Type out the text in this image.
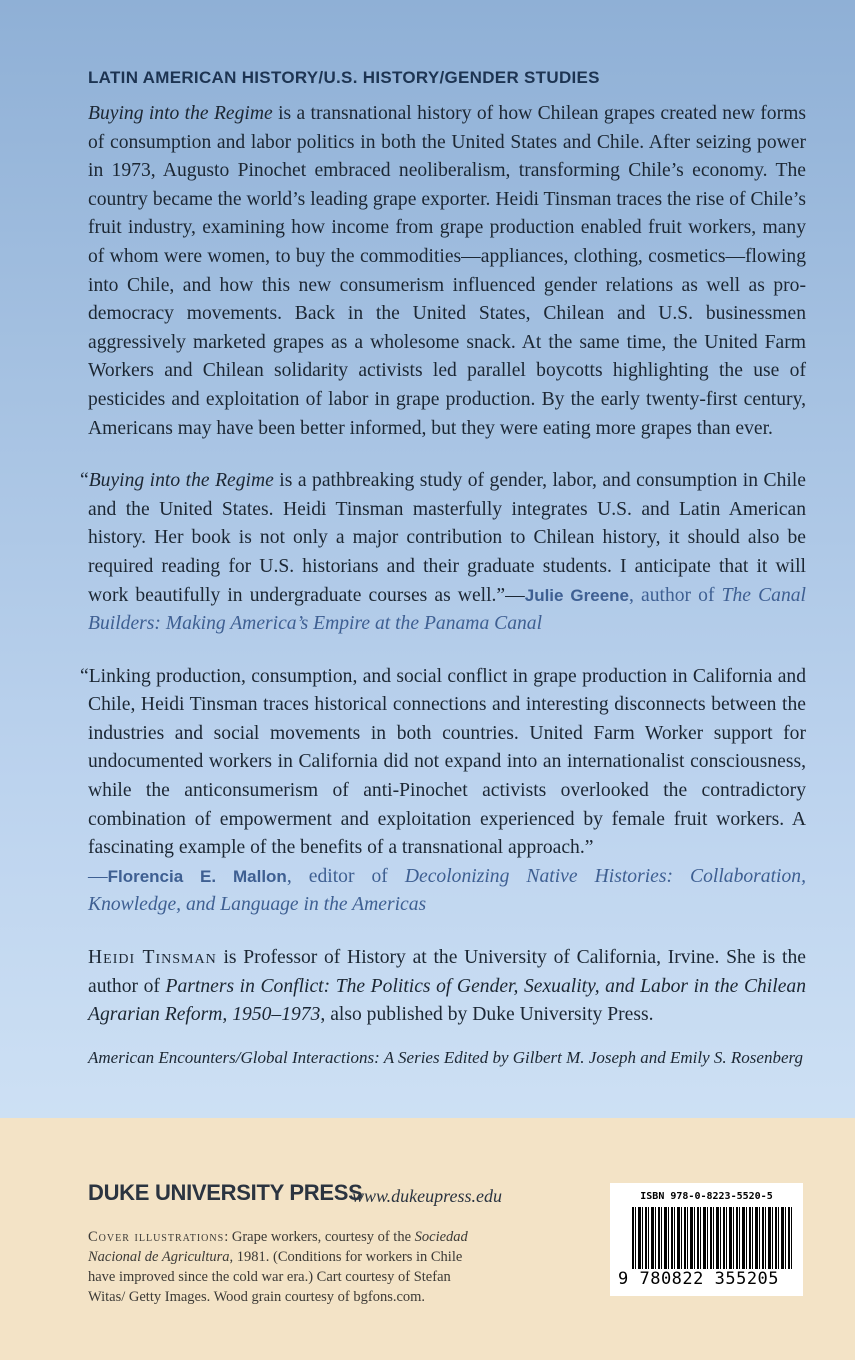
LATIN AMERICAN HISTORY/U.S. HISTORY/GENDER STUDIES

Buying into the Regime is a transnational history of how Chilean grapes created new forms of consumption and labor politics in both the United States and Chile. After seizing power in 1973, Augusto Pinochet embraced neoliberalism, transforming Chile’s economy. The country became the world’s leading grape exporter. Heidi Tinsman traces the rise of Chile’s fruit industry, examining how income from grape production enabled fruit workers, many of whom were women, to buy the commodities—appliances, clothing, cosmetics—flowing into Chile, and how this new consumerism influenced gender relations as well as pro-democracy movements. Back in the United States, Chilean and U.S. businessmen aggressively marketed grapes as a wholesome snack. At the same time, the United Farm Workers and Chilean solidarity activists led parallel boycotts highlighting the use of pesticides and exploitation of labor in grape production. By the early twenty-first century, Americans may have been better informed, but they were eating more grapes than ever.

“Buying into the Regime is a pathbreaking study of gender, labor, and consumption in Chile and the United States. Heidi Tinsman masterfully integrates U.S. and Latin American history. Her book is not only a major contribution to Chilean history, it should also be required reading for U.S. historians and their graduate students. I anticipate that it will work beautifully in undergraduate courses as well.”—Julie Greene, author of The Canal Builders: Making America’s Empire at the Panama Canal

“Linking production, consumption, and social conflict in grape production in California and Chile, Heidi Tinsman traces historical connections and interesting disconnects between the industries and social movements in both countries. United Farm Worker support for undocumented workers in California did not expand into an internationalist consciousness, while the anticonsumerism of anti-Pinochet activists overlooked the contradictory combination of empowerment and exploitation experienced by female fruit workers. A fascinating example of the benefits of a transnational approach.”
—Florencia E. Mallon, editor of Decolonizing Native Histories: Collaboration, Knowledge, and Language in the Americas

Heidi Tinsman is Professor of History at the University of California, Irvine. She is the author of Partners in Conflict: The Politics of Gender, Sexuality, and Labor in the Chilean Agrarian Reform, 1950–1973, also published by Duke University Press.

American Encounters/Global Interactions: A Series Edited by Gilbert M. Joseph and Emily S. Rosenberg
DUKE UNIVERSITY PRESS
www.dukeupress.edu
Cover illustrations: Grape workers, courtesy of the Sociedad Nacional de Agricultura, 1981. (Conditions for workers in Chile have improved since the cold war era.) Cart courtesy of Stefan Witas/ Getty Images. Wood grain courtesy of bgfons.com.
ISBN 978-0-8223-5520-5
9 780822 355205
